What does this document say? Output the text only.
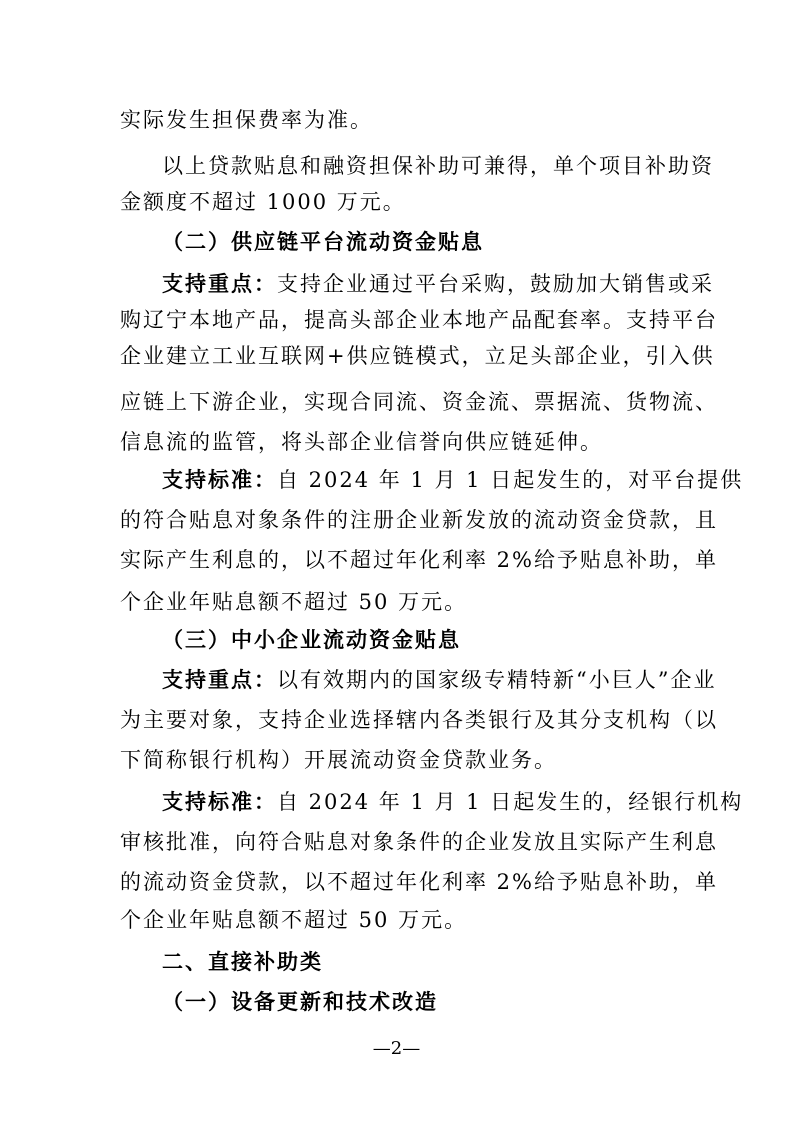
实际发生担保费率为准。
以上贷款贴息和融资担保补助可兼得，单个项目补助资
金额度不超过 1000 万元。
（二）供应链平台流动资金贴息
支持重点：支持企业通过平台采购，鼓励加大销售或采
购辽宁本地产品，提高头部企业本地产品配套率。支持平台
企业建立工业互联网+供应链模式，立足头部企业，引入供
应链上下游企业，实现合同流、资金流、票据流、货物流、
信息流的监管，将头部企业信誉向供应链延伸。
支持标准：自 2024 年 1 月 1 日起发生的，对平台提供
的符合贴息对象条件的注册企业新发放的流动资金贷款，且
实际产生利息的，以不超过年化利率 2%给予贴息补助，单
个企业年贴息额不超过 50 万元。
（三）中小企业流动资金贴息
支持重点：以有效期内的国家级专精特新“小巨人”企业
为主要对象，支持企业选择辖内各类银行及其分支机构（以
下简称银行机构）开展流动资金贷款业务。
支持标准：自 2024 年 1 月 1 日起发生的，经银行机构
审核批准，向符合贴息对象条件的企业发放且实际产生利息
的流动资金贷款，以不超过年化利率 2%给予贴息补助，单
个企业年贴息额不超过 50 万元。
二、直接补助类
（一）设备更新和技术改造
—2—
